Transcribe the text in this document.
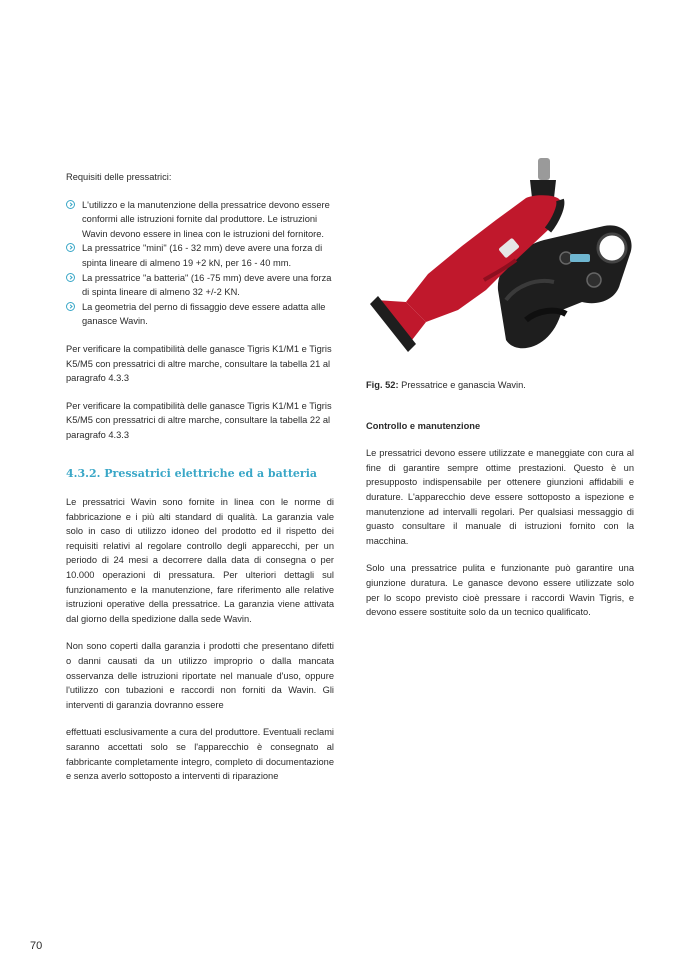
Requisiti delle pressatrici:

L'utilizzo e la manutenzione della pressatrice devono essere conformi alle istruzioni fornite dal produttore. Le istruzioni Wavin devono essere in linea con le istruzioni del fornitore.
La pressatrice "mini" (16 - 32 mm) deve avere una forza di spinta lineare di almeno 19 +2 kN, per 16 - 40 mm.
La pressatrice "a batteria" (16 -75 mm) deve avere una forza di spinta lineare di almeno 32 +/-2 KN.
La geometria del perno di fissaggio deve essere adatta alle ganasce Wavin.

Per verificare la compatibilità delle ganasce Tigris K1/M1 e Tigris K5/M5 con pressatrici di altre marche, consultare la tabella 21 al paragrafo 4.3.3

Per verificare la compatibilità delle ganasce Tigris K1/M1 e Tigris K5/M5 con pressatrici di altre marche, consultare la tabella 22 al paragrafo 4.3.3

4.3.2. Pressatrici elettriche ed a batteria

Le pressatrici Wavin sono fornite in linea con le norme di fabbricazione e i più alti standard di qualità. La garanzia vale solo in caso di utilizzo idoneo del prodotto ed il rispetto dei requisiti relativi al regolare controllo degli apparecchi, per un periodo di 24 mesi a decorrere dalla data di consegna o per 10.000 operazioni di pressatura. Per ulteriori dettagli sul funzionamento e la manutenzione, fare riferimento alle relative istruzioni operative della pressatrice. La garanzia viene attivata dal giorno della spedizione dalla sede Wavin.

Non sono coperti dalla garanzia i prodotti che presentano difetti o danni causati da un utilizzo improprio o dalla mancata osservanza delle istruzioni riportate nel manuale d'uso, oppure l'utilizzo con tubazioni e raccordi non forniti da Wavin. Gli interventi di garanzia dovranno essere

effettuati esclusivamente a cura del produttore. Eventuali reclami saranno accettati solo se l'apparecchio è consegnato al fabbricante completamente integro, completo di documentazione e senza averlo sottoposto a interventi di riparazione

Fig. 52: Pressatrice e ganascia Wavin.

Controllo e manutenzione

Le pressatrici devono essere utilizzate e maneggiate con cura al fine di garantire sempre ottime prestazioni. Questo è un presupposto indispensabile per ottenere giunzioni affidabili e durature. L'apparecchio deve essere sottoposto a ispezione e manutenzione ad intervalli regolari. Per qualsiasi messaggio di guasto consultare il manuale di istruzioni fornito con la macchina.

Solo una pressatrice pulita e funzionante può garantire una giunzione duratura. Le ganasce devono essere utilizzate solo per lo scopo previsto cioè pressare i raccordi Wavin Tigris, e devono essere sostituite solo da un tecnico qualificato.

70
